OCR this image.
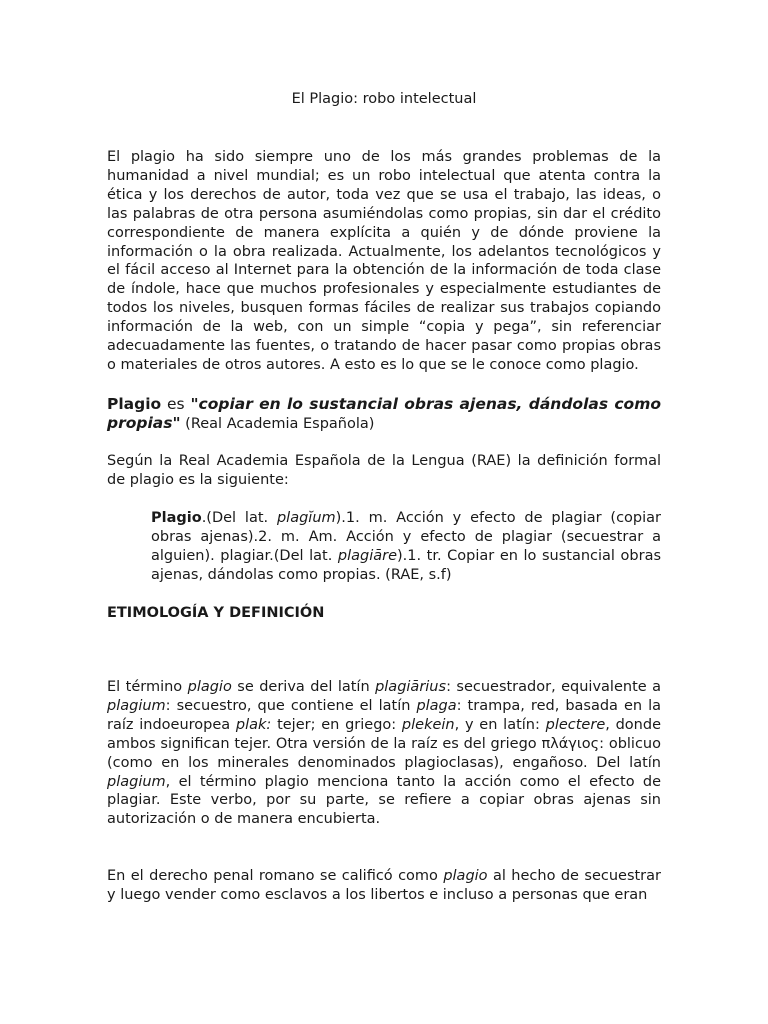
El Plagio: robo intelectual

El plagio ha sido siempre uno de los más grandes problemas de la humanidad a nivel mundial; es un robo intelectual que atenta contra la ética y los derechos de autor, toda vez que se usa el trabajo, las ideas, o las palabras de otra persona asumiéndolas como propias, sin dar el crédito correspondiente de manera explícita a quién y de dónde proviene la información o la obra realizada. Actualmente, los adelantos tecnológicos y el fácil acceso al Internet para la obtención de la información de toda clase de índole, hace que muchos profesionales y especialmente estudiantes de todos los niveles, busquen formas fáciles de realizar sus trabajos copiando información de la web, con un simple “copia y pega”, sin referenciar adecuadamente las fuentes, o tratando de hacer pasar como propias obras o materiales de otros autores. A esto es lo que se le conoce como plagio.

Plagio es "copiar en lo sustancial obras ajenas, dándolas como propias" (Real Academia Española)

Según la Real Academia Española de la Lengua (RAE) la definición formal de plagio es la siguiente:

Plagio.(Del lat. plagĭum).1. m. Acción y efecto de plagiar (copiar obras ajenas).2. m. Am. Acción y efecto de plagiar (secuestrar a alguien). plagiar.(Del lat. plagiāre).1. tr. Copiar en lo sustancial obras ajenas, dándolas como propias. (RAE, s.f)

ETIMOLOGÍA Y DEFINICIÓN

El término plagio se deriva del latín plagiārius: secuestrador, equivalente a plagium: secuestro, que contiene el latín plaga: trampa, red, basada en la raíz indoeuropea plak: tejer; en griego: plekein, y en latín: plectere, donde ambos significan tejer. Otra versión de la raíz es del griego πλάγιος: oblicuo (como en los minerales denominados plagioclasas), engañoso. Del latín plagium, el término plagio menciona tanto la acción como el efecto de plagiar. Este verbo, por su parte, se refiere a copiar obras ajenas sin autorización o de manera encubierta.

En el derecho penal romano se calificó como plagio al hecho de secuestrar y luego vender como esclavos a los libertos e incluso a personas que eran
